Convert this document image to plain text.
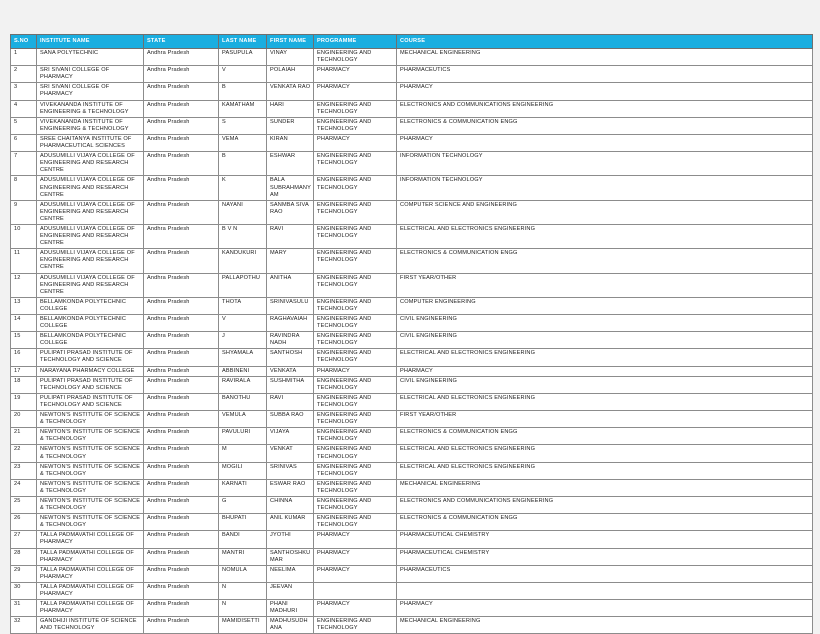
S.NO	INSTITUTE NAME	STATE	LAST NAME	FIRST NAME	PROGRAMME	COURSE
1	SANA POLYTECHNIC	Andhra Pradesh	PASUPULA	VINAY	ENGINEERING AND TECHNOLOGY	MECHANICAL ENGINEERING
2	SRI SIVANI COLLEGE OF PHARMACY	Andhra Pradesh	V	POLAIAH	PHARMACY	PHARMACEUTICS
3	SRI SIVANI COLLEGE OF PHARMACY	Andhra Pradesh	B	VENKATA RAO	PHARMACY	PHARMACY
4	VIVEKANANDA INSTITUTE OF ENGINEERING & TECHNOLOGY	Andhra Pradesh	KAMATHAM	HARI	ENGINEERING AND TECHNOLOGY	ELECTRONICS AND COMMUNICATIONS ENGINEERING
5	VIVEKANANDA INSTITUTE OF ENGINEERING & TECHNOLOGY	Andhra Pradesh	S	SUNDER	ENGINEERING AND TECHNOLOGY	ELECTRONICS & COMMUNICATION ENGG
6	SREE CHAITANYA INSTITUTE OF PHARMACEUTICAL SCIENCES	Andhra Pradesh	VEMA	KIRAN	PHARMACY	PHARMACY
7	ADUSUMILLI VIJAYA COLLEGE OF ENGINEERING AND RESEARCH CENTRE	Andhra Pradesh	B	ESHWAR	ENGINEERING AND TECHNOLOGY	INFORMATION TECHNOLOGY
8	ADUSUMILLI VIJAYA COLLEGE OF ENGINEERING AND RESEARCH CENTRE	Andhra Pradesh	K	BALA SUBRAHMANYAM	ENGINEERING AND TECHNOLOGY	INFORMATION TECHNOLOGY
9	ADUSUMILLI VIJAYA COLLEGE OF ENGINEERING AND RESEARCH CENTRE	Andhra Pradesh	NAYANI	SANMBA SIVA RAO	ENGINEERING AND TECHNOLOGY	COMPUTER SCIENCE AND ENGINEERING
10	ADUSUMILLI VIJAYA COLLEGE OF ENGINEERING AND RESEARCH CENTRE	Andhra Pradesh	B V N	RAVI	ENGINEERING AND TECHNOLOGY	ELECTRICAL AND ELECTRONICS ENGINEERING
11	ADUSUMILLI VIJAYA COLLEGE OF ENGINEERING AND RESEARCH CENTRE	Andhra Pradesh	KANDUKURI	MARY	ENGINEERING AND TECHNOLOGY	ELECTRONICS & COMMUNICATION ENGG
12	ADUSUMILLI VIJAYA COLLEGE OF ENGINEERING AND RESEARCH CENTRE	Andhra Pradesh	PALLAPOTHU	ANITHA	ENGINEERING AND TECHNOLOGY	FIRST YEAR/OTHER
13	BELLAMKONDA POLYTECHNIC COLLEGE	Andhra Pradesh	THOTA	SRINIVASULU	ENGINEERING AND TECHNOLOGY	COMPUTER ENGINEERING
14	BELLAMKONDA POLYTECHNIC COLLEGE	Andhra Pradesh	V	RAGHAVAIAH	ENGINEERING AND TECHNOLOGY	CIVIL ENGINEERING
15	BELLAMKONDA POLYTECHNIC COLLEGE	Andhra Pradesh	J	RAVINDRA NADH	ENGINEERING AND TECHNOLOGY	CIVIL ENGINEERING
16	PULIPATI PRASAD INSTITUTE OF TECHNOLOGY AND SCIENCE	Andhra Pradesh	SHYAMALA	SANTHOSH	ENGINEERING AND TECHNOLOGY	ELECTRICAL AND ELECTRONICS ENGINEERING
17	NARAYANA PHARMACY COLLEGE	Andhra Pradesh	ABBINENI	VENKATA	PHARMACY	PHARMACY
18	PULIPATI PRASAD INSTITUTE OF TECHNOLOGY AND SCIENCE	Andhra Pradesh	RAVIRALA	SUSHMITHA	ENGINEERING AND TECHNOLOGY	CIVIL ENGINEERING
19	PULIPATI PRASAD INSTITUTE OF TECHNOLOGY AND SCIENCE	Andhra Pradesh	BANOTHU	RAVI	ENGINEERING AND TECHNOLOGY	ELECTRICAL AND ELECTRONICS ENGINEERING
20	NEWTON'S INSTITUTE OF SCIENCE & TECHNOLOGY	Andhra Pradesh	VEMULA	SUBBA RAO	ENGINEERING AND TECHNOLOGY	FIRST YEAR/OTHER
21	NEWTON'S INSTITUTE OF SCIENCE & TECHNOLOGY	Andhra Pradesh	PAVULURI	VIJAYA	ENGINEERING AND TECHNOLOGY	ELECTRONICS & COMMUNICATION ENGG
22	NEWTON'S INSTITUTE OF SCIENCE & TECHNOLOGY	Andhra Pradesh	M	VENKAT	ENGINEERING AND TECHNOLOGY	ELECTRICAL AND ELECTRONICS ENGINEERING
23	NEWTON'S INSTITUTE OF SCIENCE & TECHNOLOGY	Andhra Pradesh	MOGILI	SRINIVAS	ENGINEERING AND TECHNOLOGY	ELECTRICAL AND ELECTRONICS ENGINEERING
24	NEWTON'S INSTITUTE OF SCIENCE & TECHNOLOGY	Andhra Pradesh	KARNATI	ESWAR RAO	ENGINEERING AND TECHNOLOGY	MECHANICAL ENGINEERING
25	NEWTON'S INSTITUTE OF SCIENCE & TECHNOLOGY	Andhra Pradesh	G	CHINNA	ENGINEERING AND TECHNOLOGY	ELECTRONICS AND COMMUNICATIONS ENGINEERING
26	NEWTON'S INSTITUTE OF SCIENCE & TECHNOLOGY	Andhra Pradesh	BHUPATI	ANIL KUMAR	ENGINEERING AND TECHNOLOGY	ELECTRONICS & COMMUNICATION ENGG
27	TALLA PADMAVATHI COLLEGE OF PHARMACY	Andhra Pradesh	BANDI	JYOTHI	PHARMACY	PHARMACEUTICAL CHEMISTRY
28	TALLA PADMAVATHI COLLEGE OF PHARMACY	Andhra Pradesh	MANTRI	SANTHOSHKUMAR	PHARMACY	PHARMACEUTICAL CHEMISTRY
29	TALLA PADMAVATHI COLLEGE OF PHARMACY	Andhra Pradesh	NOMULA	NEELIMA	PHARMACY	PHARMACEUTICS
30	TALLA PADMAVATHI COLLEGE OF PHARMACY	Andhra Pradesh	N	JEEVAN		
31	TALLA PADMAVATHI COLLEGE OF PHARMACY	Andhra Pradesh	N	PHANI MADHURI	PHARMACY	PHARMACY
32	GANDHIJI INSTITUTE OF SCIENCE AND TECHNOLOGY	Andhra Pradesh	MAMIDISETTI	MADHUSUDHANA	ENGINEERING AND TECHNOLOGY	MECHANICAL ENGINEERING
